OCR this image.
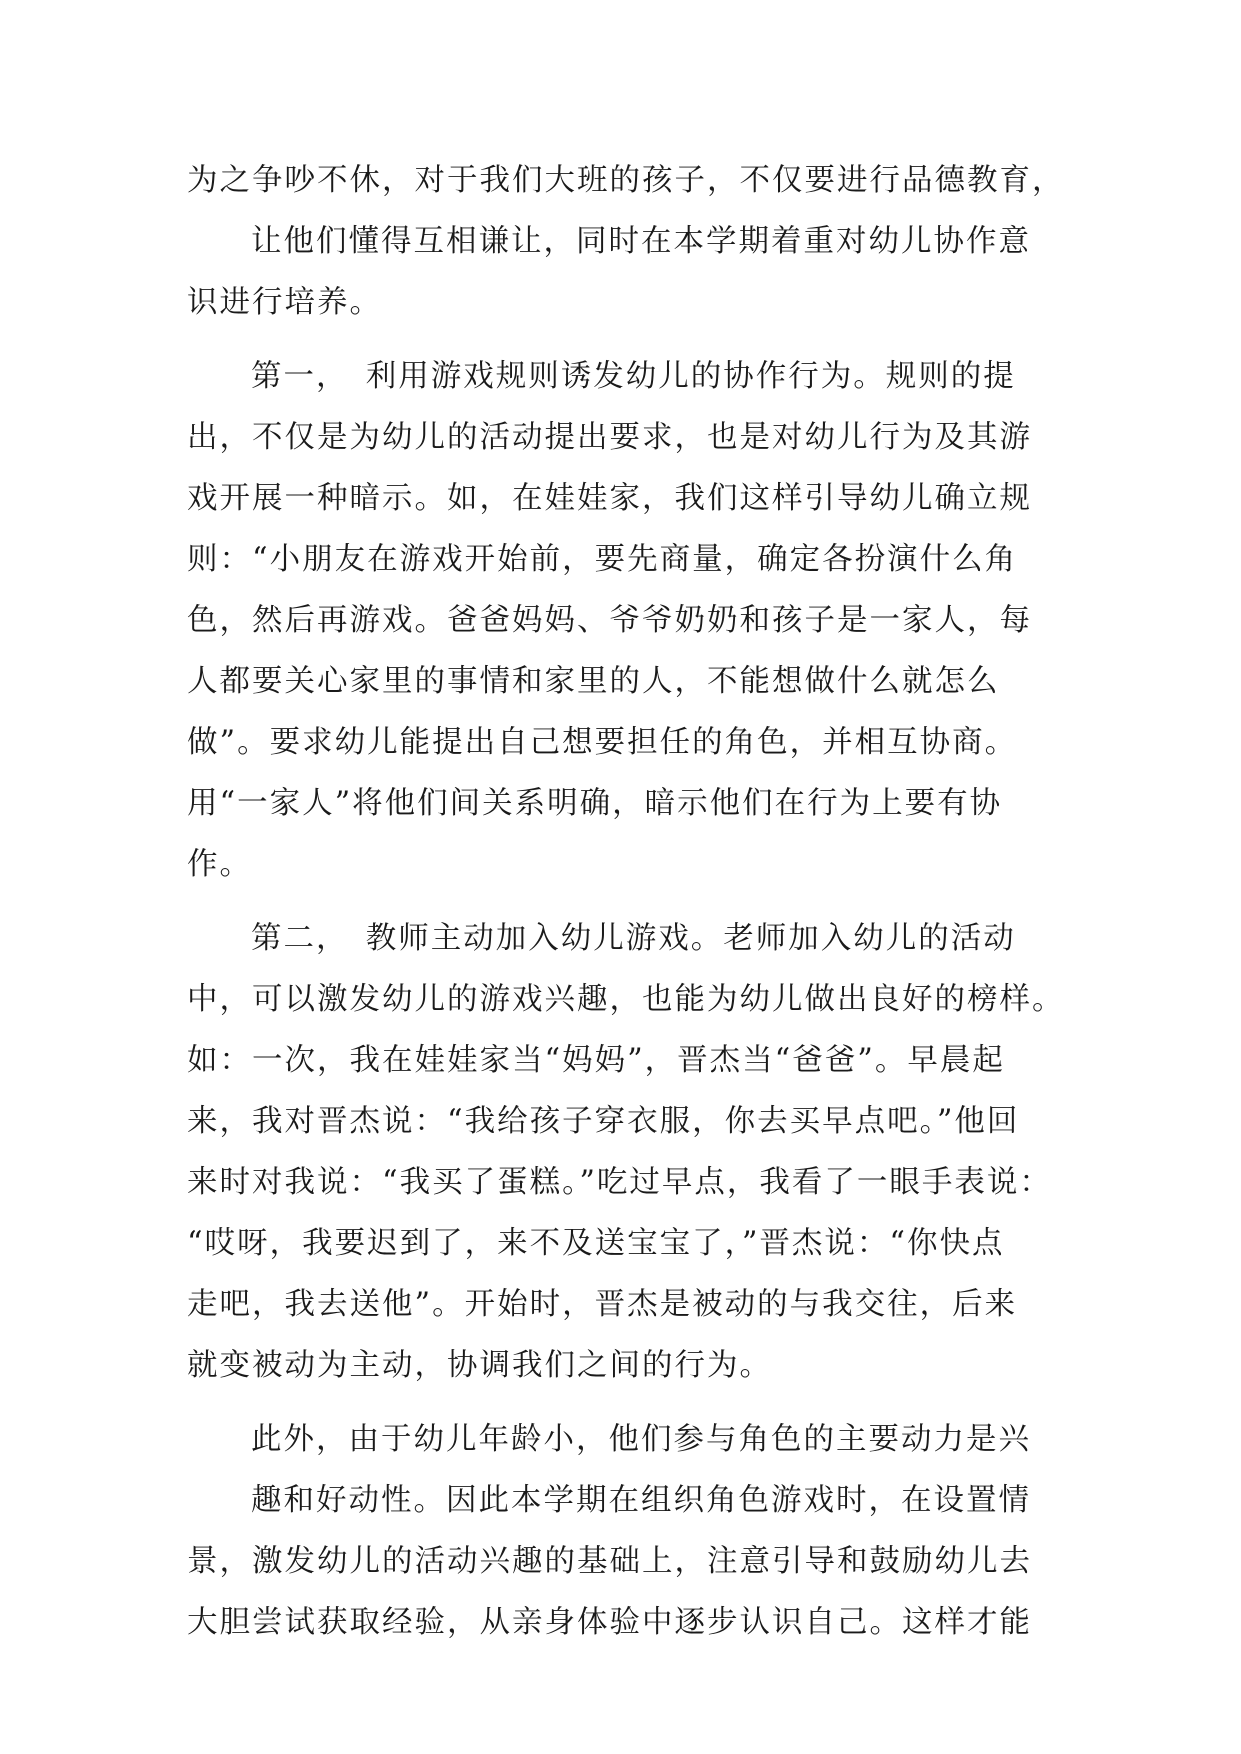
为之争吵不休，对于我们大班的孩子，不仅要进行品德教育，
让他们懂得互相谦让，同时在本学期着重对幼儿协作意
识进行培养。
第一，　利用游戏规则诱发幼儿的协作行为。规则的提
出，不仅是为幼儿的活动提出要求，也是对幼儿行为及其游
戏开展一种暗示。如，在娃娃家，我们这样引导幼儿确立规
则：“小朋友在游戏开始前，要先商量，确定各扮演什么角
色，然后再游戏。爸爸妈妈、爷爷奶奶和孩子是一家人，每
人都要关心家里的事情和家里的人，不能想做什么就怎么
做”。要求幼儿能提出自己想要担任的角色，并相互协商。
用“一家人”将他们间关系明确，暗示他们在行为上要有协
作。
第二，　教师主动加入幼儿游戏。老师加入幼儿的活动
中，可以激发幼儿的游戏兴趣，也能为幼儿做出良好的榜样。
如：一次，我在娃娃家当“妈妈”，晋杰当“爸爸”。早晨起
来，我对晋杰说：“我给孩子穿衣服，你去买早点吧。”他回
来时对我说：“我买了蛋糕。”吃过早点，我看了一眼手表说：
“哎呀，我要迟到了，来不及送宝宝了，”晋杰说：“你快点
走吧，我去送他”。开始时，晋杰是被动的与我交往，后来
就变被动为主动，协调我们之间的行为。
此外，由于幼儿年龄小，他们参与角色的主要动力是兴
趣和好动性。因此本学期在组织角色游戏时，在设置情
景，激发幼儿的活动兴趣的基础上，注意引导和鼓励幼儿去
大胆尝试获取经验，从亲身体验中逐步认识自己。这样才能
